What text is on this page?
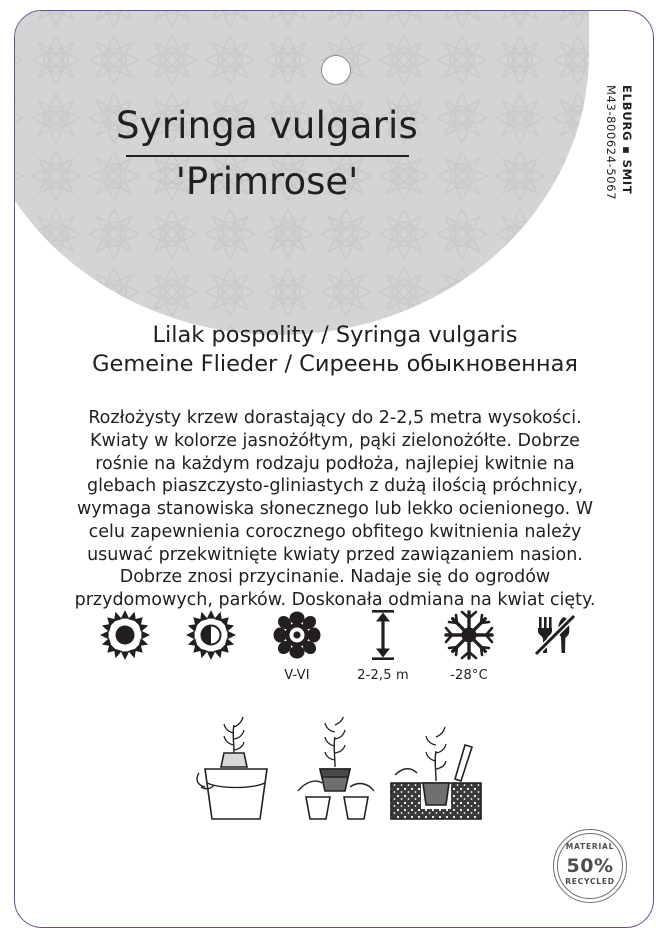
Syringa vulgaris
'Primrose'	M43-800624-5067 ELBURG ▪ SMIT
Lilak pospolity / Syringa vulgaris
Gemeine Flieder / Сиреень обыкновенная
Rozłożysty krzew dorastający do 2-2,5 metra wysokości. Kwiaty w kolorze jasnożółtym, pąki zielonożółte. Dobrze rośnie na każdym rodzaju podłoża, najlepiej kwitnie na glebach piaszczysto-gliniastych z dużą ilością próchnicy, wymaga stanowiska słonecznego lub lekko ocienionego. W celu zapewnienia corocznego obfitego kwitnienia należy usuwać przekwitnięte kwiaty przed zawiązaniem nasion. Dobrze znosi przycinanie. Nadaje się do ogrodów przydomowych, parków. Doskonała odmiana na kwiat cięty.
V-VI	2-2,5 m	-28°C
MATERIAL
50%
RECYCLED
